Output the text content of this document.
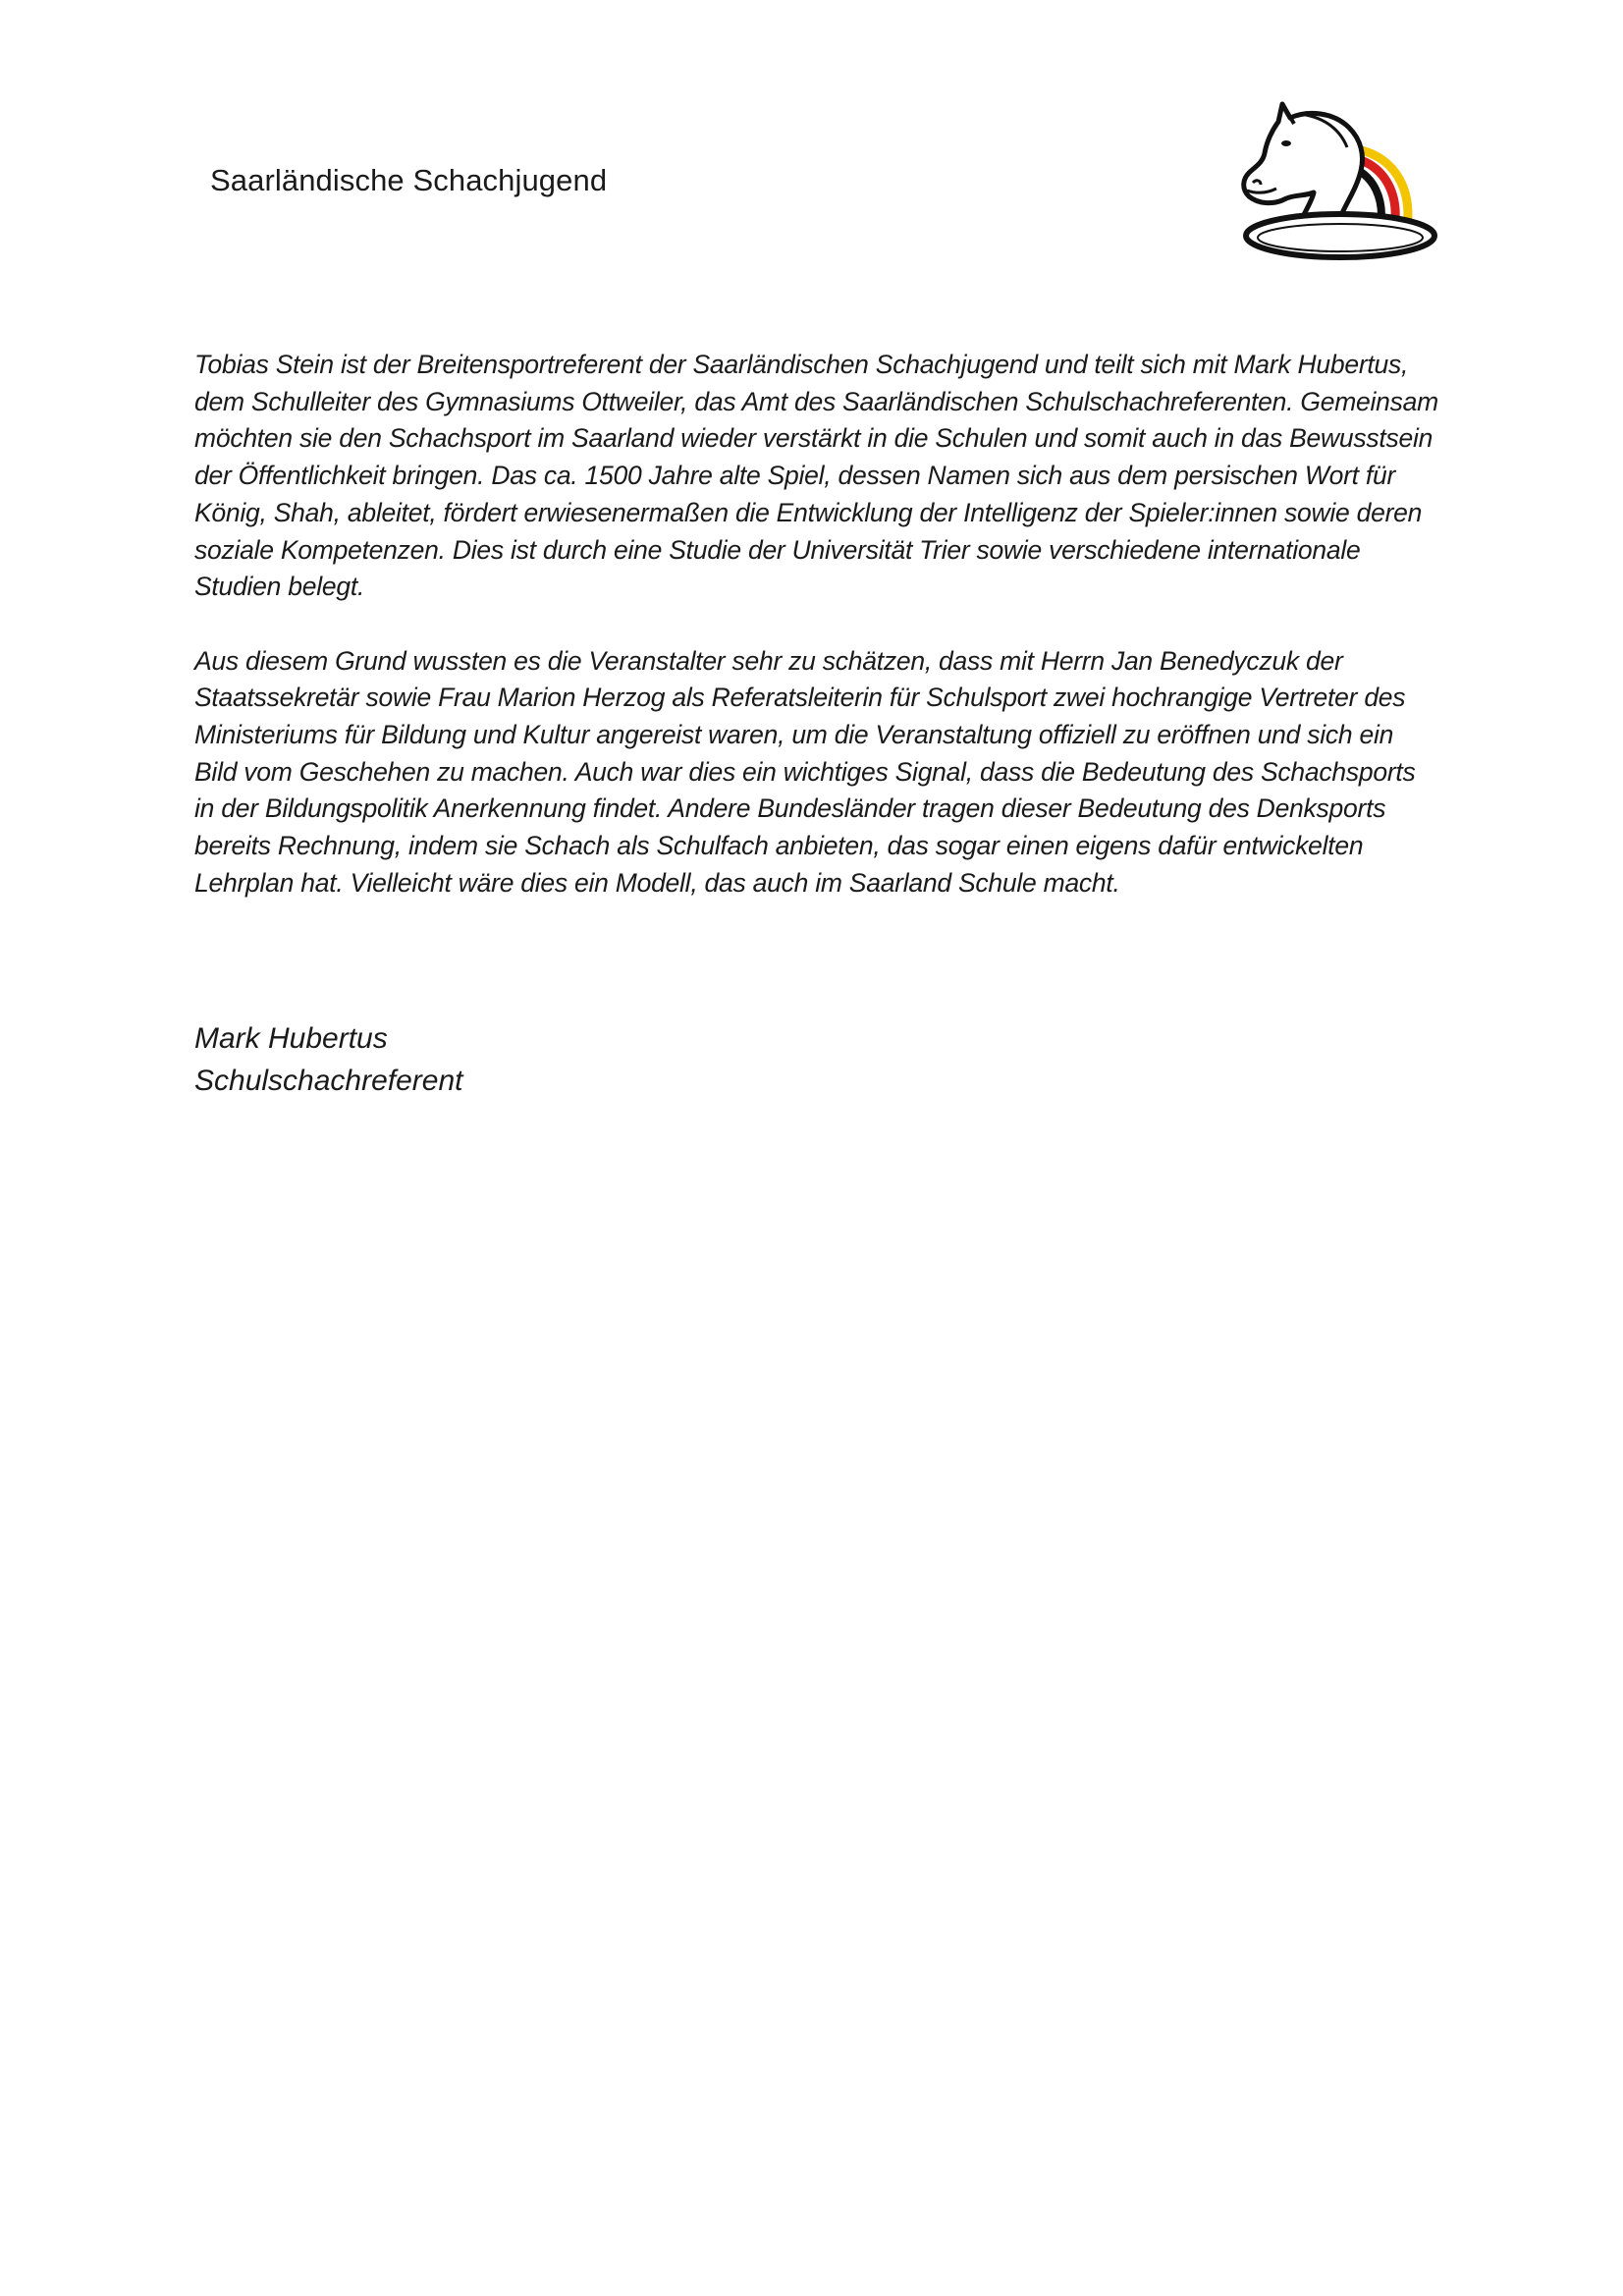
Saarländische Schachjugend

Tobias Stein ist der Breitensportreferent der Saarländischen Schachjugend und teilt sich mit Mark Hubertus, dem Schulleiter des Gymnasiums Ottweiler, das Amt des Saarländischen Schulschachreferenten. Gemeinsam möchten sie den Schachsport im Saarland wieder verstärkt in die Schulen und somit auch in das Bewusstsein der Öffentlichkeit bringen. Das ca. 1500 Jahre alte Spiel, dessen Namen sich aus dem persischen Wort für König, Shah, ableitet, fördert erwiesenermaßen die Entwicklung der Intelligenz der Spieler:innen sowie deren soziale Kompetenzen. Dies ist durch eine Studie der Universität Trier sowie verschiedene internationale Studien belegt.

Aus diesem Grund wussten es die Veranstalter sehr zu schätzen, dass mit Herrn Jan Benedyczuk der Staatssekretär sowie Frau Marion Herzog als Referatsleiterin für Schulsport zwei hochrangige Vertreter des Ministeriums für Bildung und Kultur angereist waren, um die Veranstaltung offiziell zu eröffnen und sich ein Bild vom Geschehen zu machen. Auch war dies ein wichtiges Signal, dass die Bedeutung des Schachsports in der Bildungspolitik Anerkennung findet. Andere Bundesländer tragen dieser Bedeutung des Denksports bereits Rechnung, indem sie Schach als Schulfach anbieten, das sogar einen eigens dafür entwickelten Lehrplan hat. Vielleicht wäre dies ein Modell, das auch im Saarland Schule macht.

Mark Hubertus
Schulschachreferent
